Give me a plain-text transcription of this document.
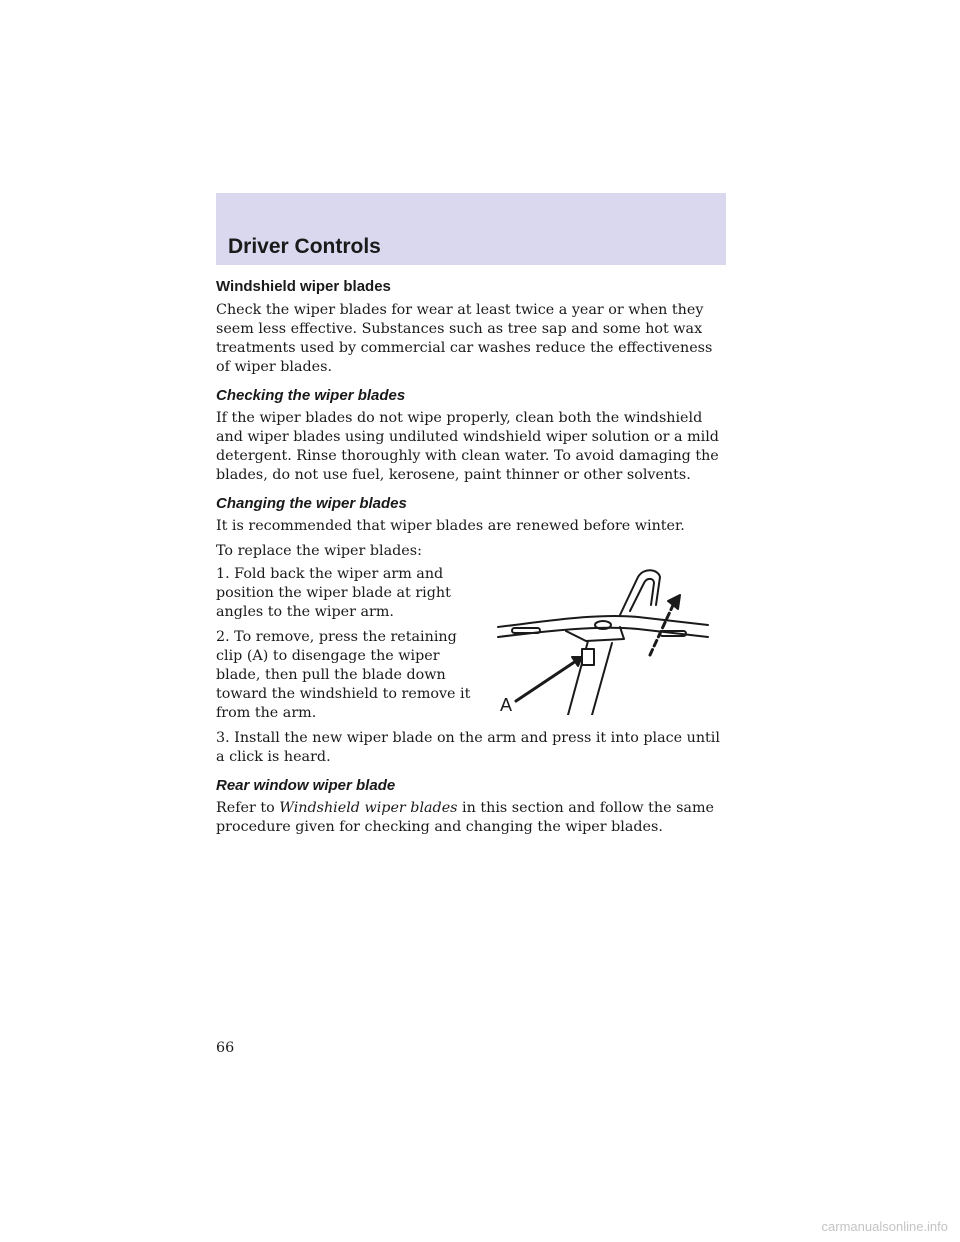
Driver Controls
Windshield wiper blades

Check the wiper blades for wear at least twice a year or when they seem less effective. Substances such as tree sap and some hot wax treatments used by commercial car washes reduce the effectiveness of wiper blades.

Checking the wiper blades

If the wiper blades do not wipe properly, clean both the windshield and wiper blades using undiluted windshield wiper solution or a mild detergent. Rinse thoroughly with clean water. To avoid damaging the blades, do not use fuel, kerosene, paint thinner or other solvents.

Changing the wiper blades

It is recommended that wiper blades are renewed before winter.

To replace the wiper blades:

A

1. Fold back the wiper arm and position the wiper blade at right angles to the wiper arm.

2. To remove, press the retaining clip (A) to disengage the wiper blade, then pull the blade down toward the windshield to remove it from the arm.

3. Install the new wiper blade on the arm and press it into place until a click is heard.

Rear window wiper blade

Refer to Windshield wiper blades in this section and follow the same procedure given for checking and changing the wiper blades.

66
carmanualsonline.info
